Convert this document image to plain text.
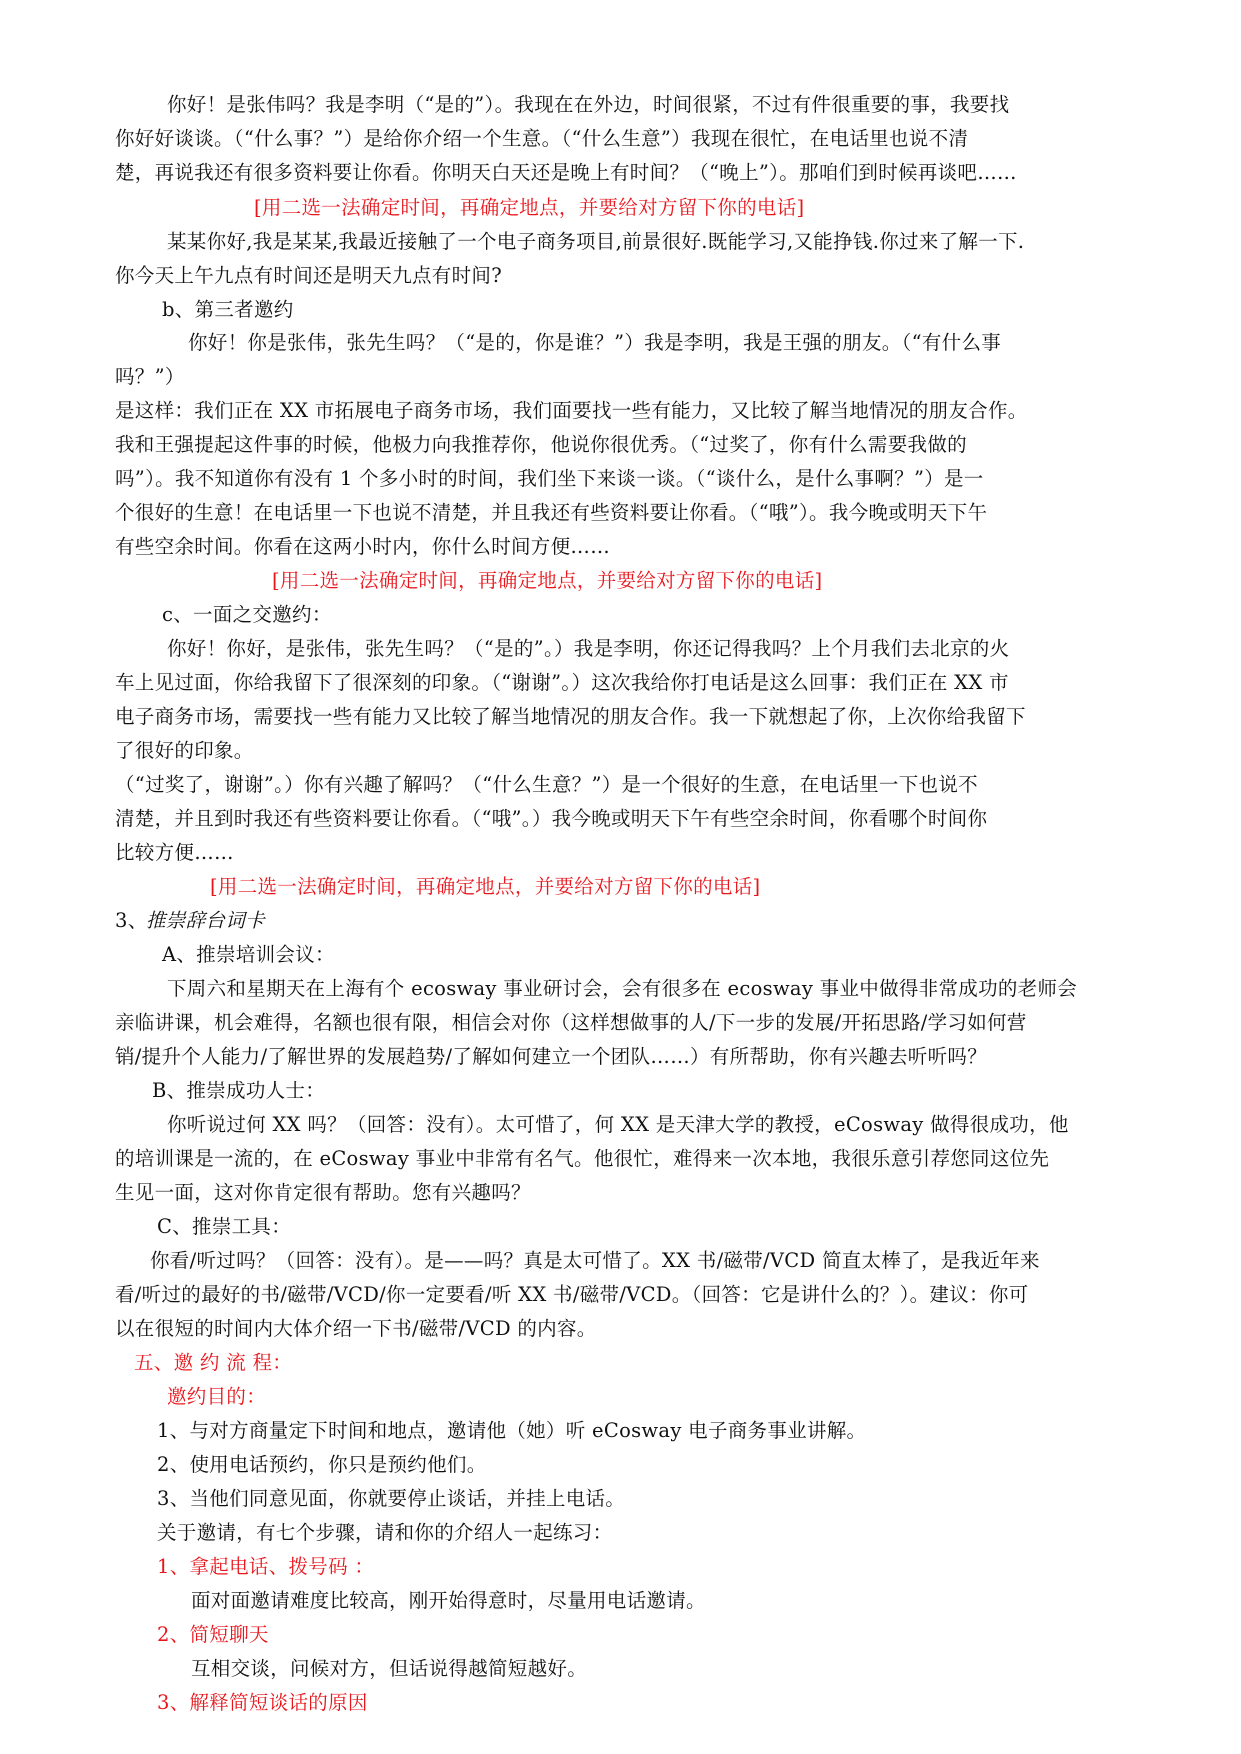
你好！是张伟吗？我是李明（“是的”）。我现在在外边，时间很紧，不过有件很重要的事，我要找
你好好谈谈。（“什么事？”）是给你介绍一个生意。（“什么生意”）我现在很忙，在电话里也说不清
楚，再说我还有很多资料要让你看。你明天白天还是晚上有时间？（“晚上”）。那咱们到时候再谈吧……
[用二选一法确定时间，再确定地点，并要给对方留下你的电话]
某某你好,我是某某,我最近接触了一个电子商务项目,前景很好.既能学习,又能挣钱.你过来了解一下.
你今天上午九点有时间还是明天九点有时间?
b、第三者邀约
你好！你是张伟，张先生吗？（“是的，你是谁？”）我是李明，我是王强的朋友。（“有什么事
吗？”）
是这样：我们正在 XX 市拓展电子商务市场，我们面要找一些有能力，又比较了解当地情况的朋友合作。
我和王强提起这件事的时候，他极力向我推荐你，他说你很优秀。（“过奖了，你有什么需要我做的
吗”）。我不知道你有没有 1 个多小时的时间，我们坐下来谈一谈。（“谈什么，是什么事啊？”）是一
个很好的生意！在电话里一下也说不清楚，并且我还有些资料要让你看。（“哦”）。我今晚或明天下午
有些空余时间。你看在这两小时内，你什么时间方便……
[用二选一法确定时间，再确定地点，并要给对方留下你的电话]
c、一面之交邀约：
你好！你好，是张伟，张先生吗？（“是的”。）我是李明，你还记得我吗？上个月我们去北京的火
车上见过面，你给我留下了很深刻的印象。（“谢谢”。）这次我给你打电话是这么回事：我们正在 XX 市
电子商务市场，需要找一些有能力又比较了解当地情况的朋友合作。我一下就想起了你，上次你给我留下
了很好的印象。
（“过奖了，谢谢”。）你有兴趣了解吗？（“什么生意？”）是一个很好的生意，在电话里一下也说不
清楚，并且到时我还有些资料要让你看。（“哦”。）我今晚或明天下午有些空余时间，你看哪个时间你
比较方便……
[用二选一法确定时间，再确定地点，并要给对方留下你的电话]
3、
推崇辞台词卡
A、推崇培训会议：
下周六和星期天在上海有个 ecosway 事业研讨会，会有很多在 ecosway 事业中做得非常成功的老师会
亲临讲课，机会难得，名额也很有限，相信会对你（这样想做事的人/下一步的发展/开拓思路/学习如何营
销/提升个人能力/了解世界的发展趋势/了解如何建立一个团队……）有所帮助，你有兴趣去听听吗？
B、推崇成功人士：
你听说过何 XX 吗？（回答：没有）。太可惜了，何 XX 是天津大学的教授，eCosway 做得很成功，他
的培训课是一流的，在 eCosway 事业中非常有名气。他很忙，难得来一次本地，我很乐意引荐您同这位先
生见一面，这对你肯定很有帮助。您有兴趣吗？
C、推崇工具：
你看/听过吗？（回答：没有）。是——吗？真是太可惜了。XX 书/磁带/VCD 简直太棒了，是我近年来
看/听过的最好的书/磁带/VCD/你一定要看/听 XX 书/磁带/VCD。（回答：它是讲什么的？）。建议：你可
以在很短的时间内大体介绍一下书/磁带/VCD 的内容。
五、邀 约 流 程：
邀约目的：
1、与对方商量定下时间和地点，邀请他（她）听 eCosway 电子商务事业讲解。
2、使用电话预约，你只是预约他们。
3、当他们同意见面，你就要停止谈话，并挂上电话。
关于邀请，有七个步骤，请和你的介绍人一起练习：
1、拿起电话、拨号码 ：
面对面邀请难度比较高，刚开始得意时，尽量用电话邀请。
2、简短聊天
互相交谈，问候对方，但话说得越简短越好。
3、解释简短谈话的原因
